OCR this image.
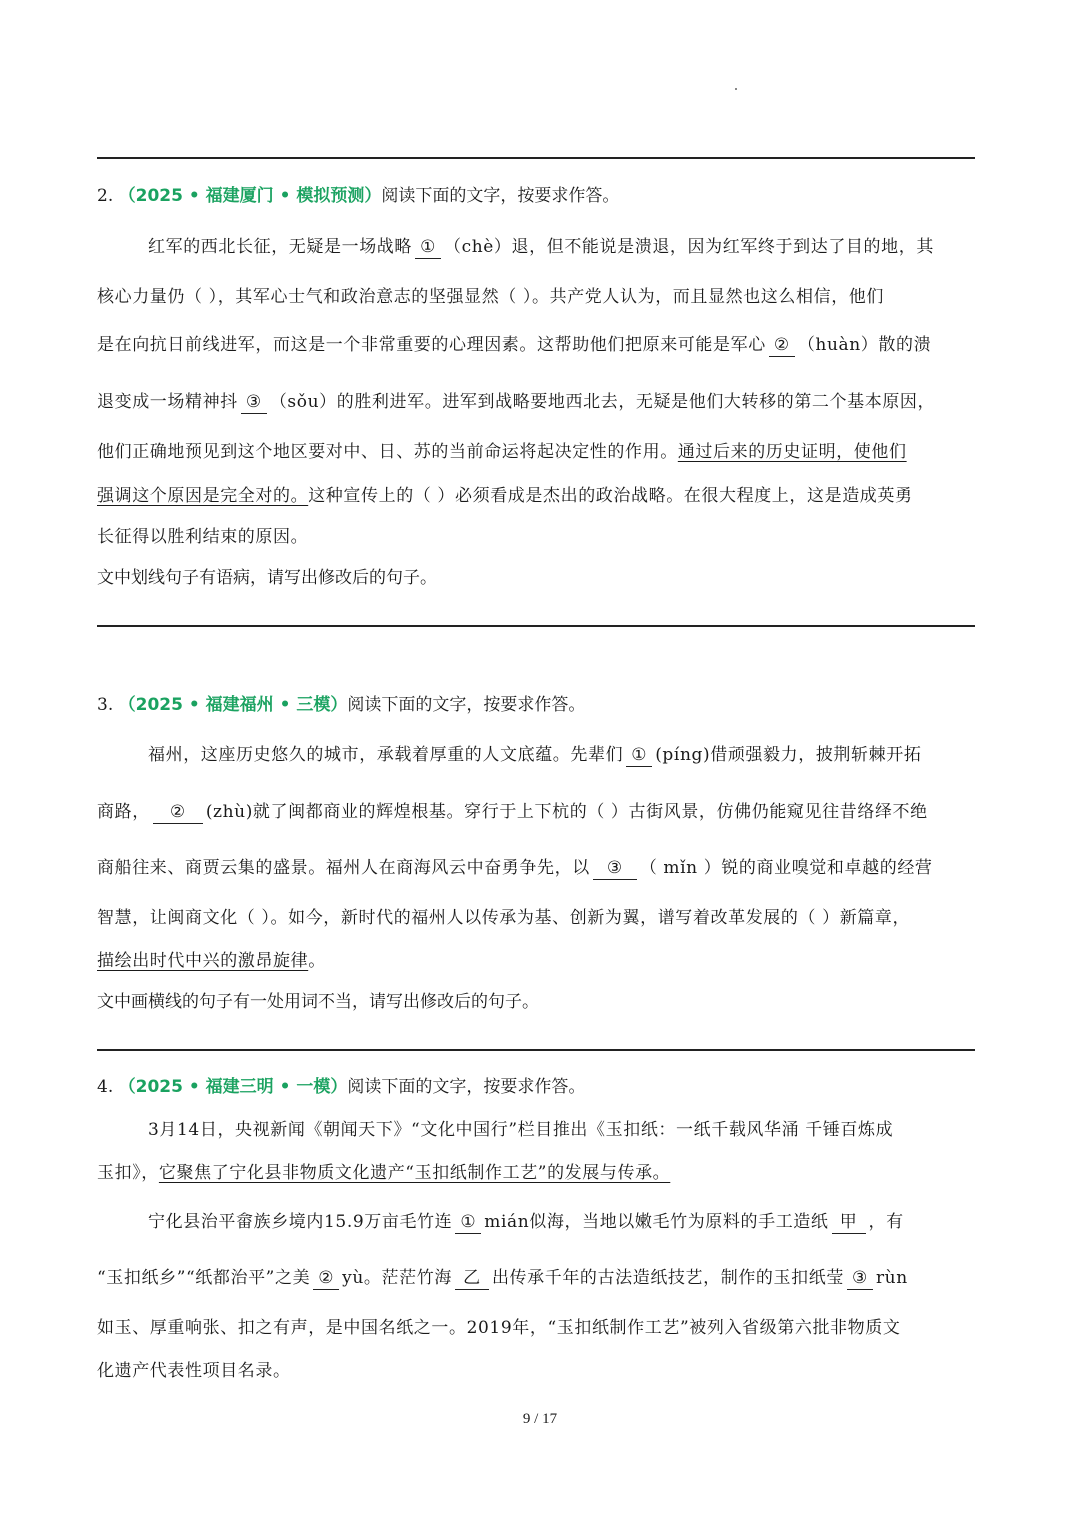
2. （2025 • 福建厦门 • 模拟预测）阅读下面的文字，按要求作答。
红军的西北长征，无疑是一场战略 ① （chè）退，但不能说是溃退，因为红军终于到达了目的地，其
核心力量仍（ ），其军心士气和政治意志的坚强显然（ ）。共产党人认为，而且显然也这么相信，他们
是在向抗日前线进军，而这是一个非常重要的心理因素。这帮助他们把原来可能是军心 ② （huàn）散的溃
退变成一场精神抖 ③ （sǒu）的胜利进军。进军到战略要地西北去，无疑是他们大转移的第二个基本原因，
他们正确地预见到这个地区要对中、日、苏的当前命运将起决定性的作用。通过后来的历史证明，使他们
强调这个原因是完全对的。这种宣传上的（ ）必须看成是杰出的政治战略。在很大程度上，这是造成英勇
长征得以胜利结束的原因。
文中划线句子有语病，请写出修改后的句子。
3. （2025 • 福建福州 • 三模）阅读下面的文字，按要求作答。
福州，这座历史悠久的城市，承载着厚重的人文底蕴。先辈们 ① (píng)借顽强毅力，披荆斩棘开拓
商路， ② (zhù)就了闽都商业的辉煌根基。穿行于上下杭的（ ）古街风景，仿佛仍能窥见往昔络绎不绝
商船往来、商贾云集的盛景。福州人在商海风云中奋勇争先，以 ③ （ mǐn ）锐的商业嗅觉和卓越的经营
智慧，让闽商文化（ ）。如今，新时代的福州人以传承为基、创新为翼，谱写着改革发展的（ ）新篇章，
描绘出时代中兴的激昂旋律。
文中画横线的句子有一处用词不当，请写出修改后的句子。
4. （2025 • 福建三明 • 一模）阅读下面的文字，按要求作答。
3月14日，央视新闻《朝闻天下》“文化中国行”栏目推出《玉扣纸：一纸千载风华涌 千锤百炼成
玉扣》，它聚焦了宁化县非物质文化遗产“玉扣纸制作工艺”的发展与传承。
宁化县治平畲族乡境内15.9万亩毛竹连 ① mián似海，当地以嫩毛竹为原料的手工造纸 甲 ，有
“玉扣纸乡”“纸都治平”之美 ② yù。茫茫竹海 乙 出传承千年的古法造纸技艺，制作的玉扣纸莹 ③ rùn
如玉、厚重响张、扣之有声，是中国名纸之一。2019年，“玉扣纸制作工艺”被列入省级第六批非物质文
化遗产代表性项目名录。
9 / 17
